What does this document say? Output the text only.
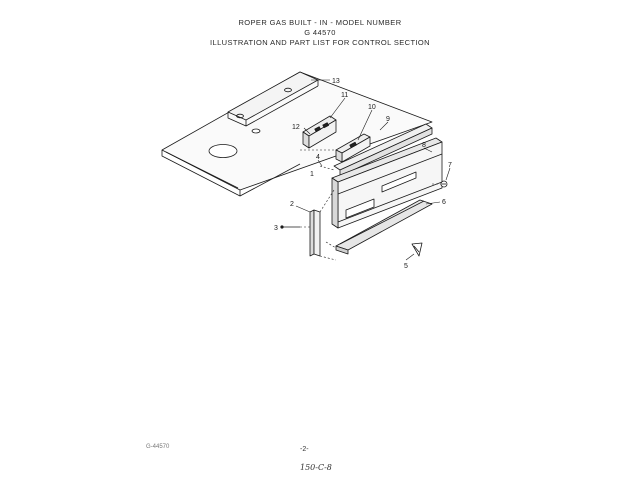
ROPER GAS BUILT - IN - MODEL NUMBER
G 44570
ILLUSTRATION AND PART LIST FOR CONTROL SECTION
13
11
10
9
12
8
7
6
4
1
2
3
5
G-44570	-2-
150-C-8
